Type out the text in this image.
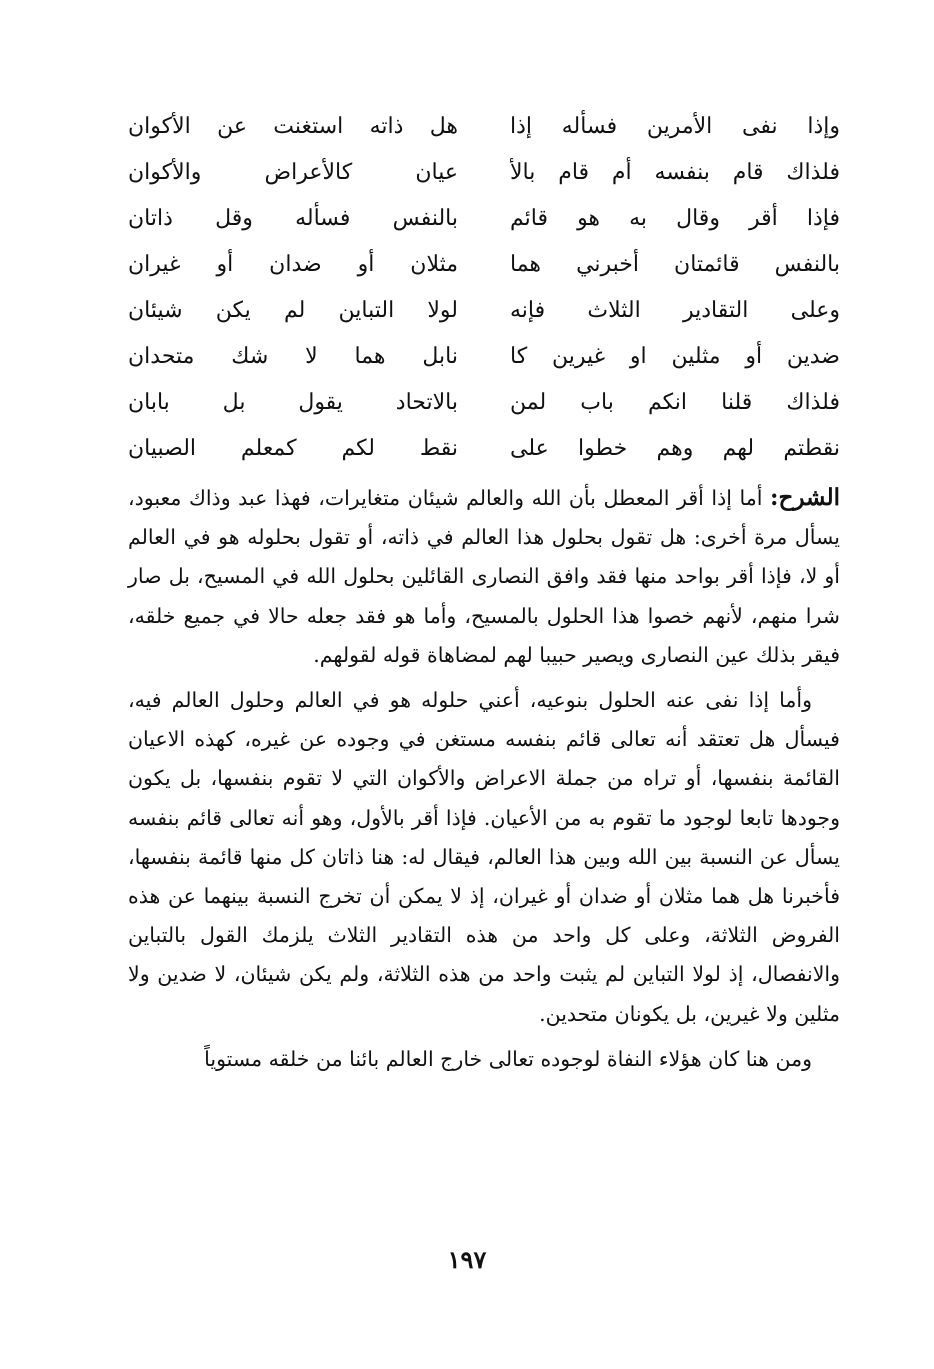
وإذا نفى الأمرين فسأله إذا
هل ذاته استغنت عن الأكوان
فلذاك قام بنفسه أم قام بالأ
عيان كالأعراض والأكوان
فإذا أقر وقال به هو قائم
بالنفس فسأله وقل ذاتان
بالنفس قائمتان أخبرني هما
مثلان أو ضدان أو غيران
وعلى التقادير الثلاث فإنه
لولا التباين لم يكن شيئان
ضدين أو مثلين او غيرين كا
نابل هما لا شك متحدان
فلذاك قلنا انكم باب لمن
بالاتحاد يقول بل بابان
نقطتم لهم وهم خطوا على
نقط لكم كمعلم الصبيان

الشرح: أما إذا أقر المعطل بأن الله والعالم شيئان متغايرات، فهذا عبد وذاك معبود، يسأل مرة أخرى: هل تقول بحلول هذا العالم في ذاته، أو تقول بحلوله هو في العالم أو لا، فإذا أقر بواحد منها فقد وافق النصارى القائلين بحلول الله في المسيح، بل صار شرا منهم، لأنهم خصوا هذا الحلول بالمسيح، وأما هو فقد جعله حالا في جميع خلقه، فيقر بذلك عين النصارى ويصير حبيبا لهم لمضاهاة قوله لقولهم.

وأما إذا نفى عنه الحلول بنوعيه، أعني حلوله هو في العالم وحلول العالم فيه، فيسأل هل تعتقد أنه تعالى قائم بنفسه مستغن في وجوده عن غيره، كهذه الاعيان القائمة بنفسها، أو تراه من جملة الاعراض والأكوان التي لا تقوم بنفسها، بل يكون وجودها تابعا لوجود ما تقوم به من الأعيان. فإذا أقر بالأول، وهو أنه تعالى قائم بنفسه يسأل عن النسبة بين الله وبين هذا العالم، فيقال له: هنا ذاتان كل منها قائمة بنفسها، فأخبرنا هل هما مثلان أو ضدان أو غيران، إذ لا يمكن أن تخرج النسبة بينهما عن هذه الفروض الثلاثة، وعلى كل واحد من هذه التقادير الثلاث يلزمك القول بالتباين والانفصال، إذ لولا التباين لم يثبت واحد من هذه الثلاثة، ولم يكن شيئان، لا ضدين ولا مثلين ولا غيرين، بل يكونان متحدين.

ومن هنا كان هؤلاء النفاة لوجوده تعالى خارج العالم بائنا من خلقه مستوياً

١٩٧
